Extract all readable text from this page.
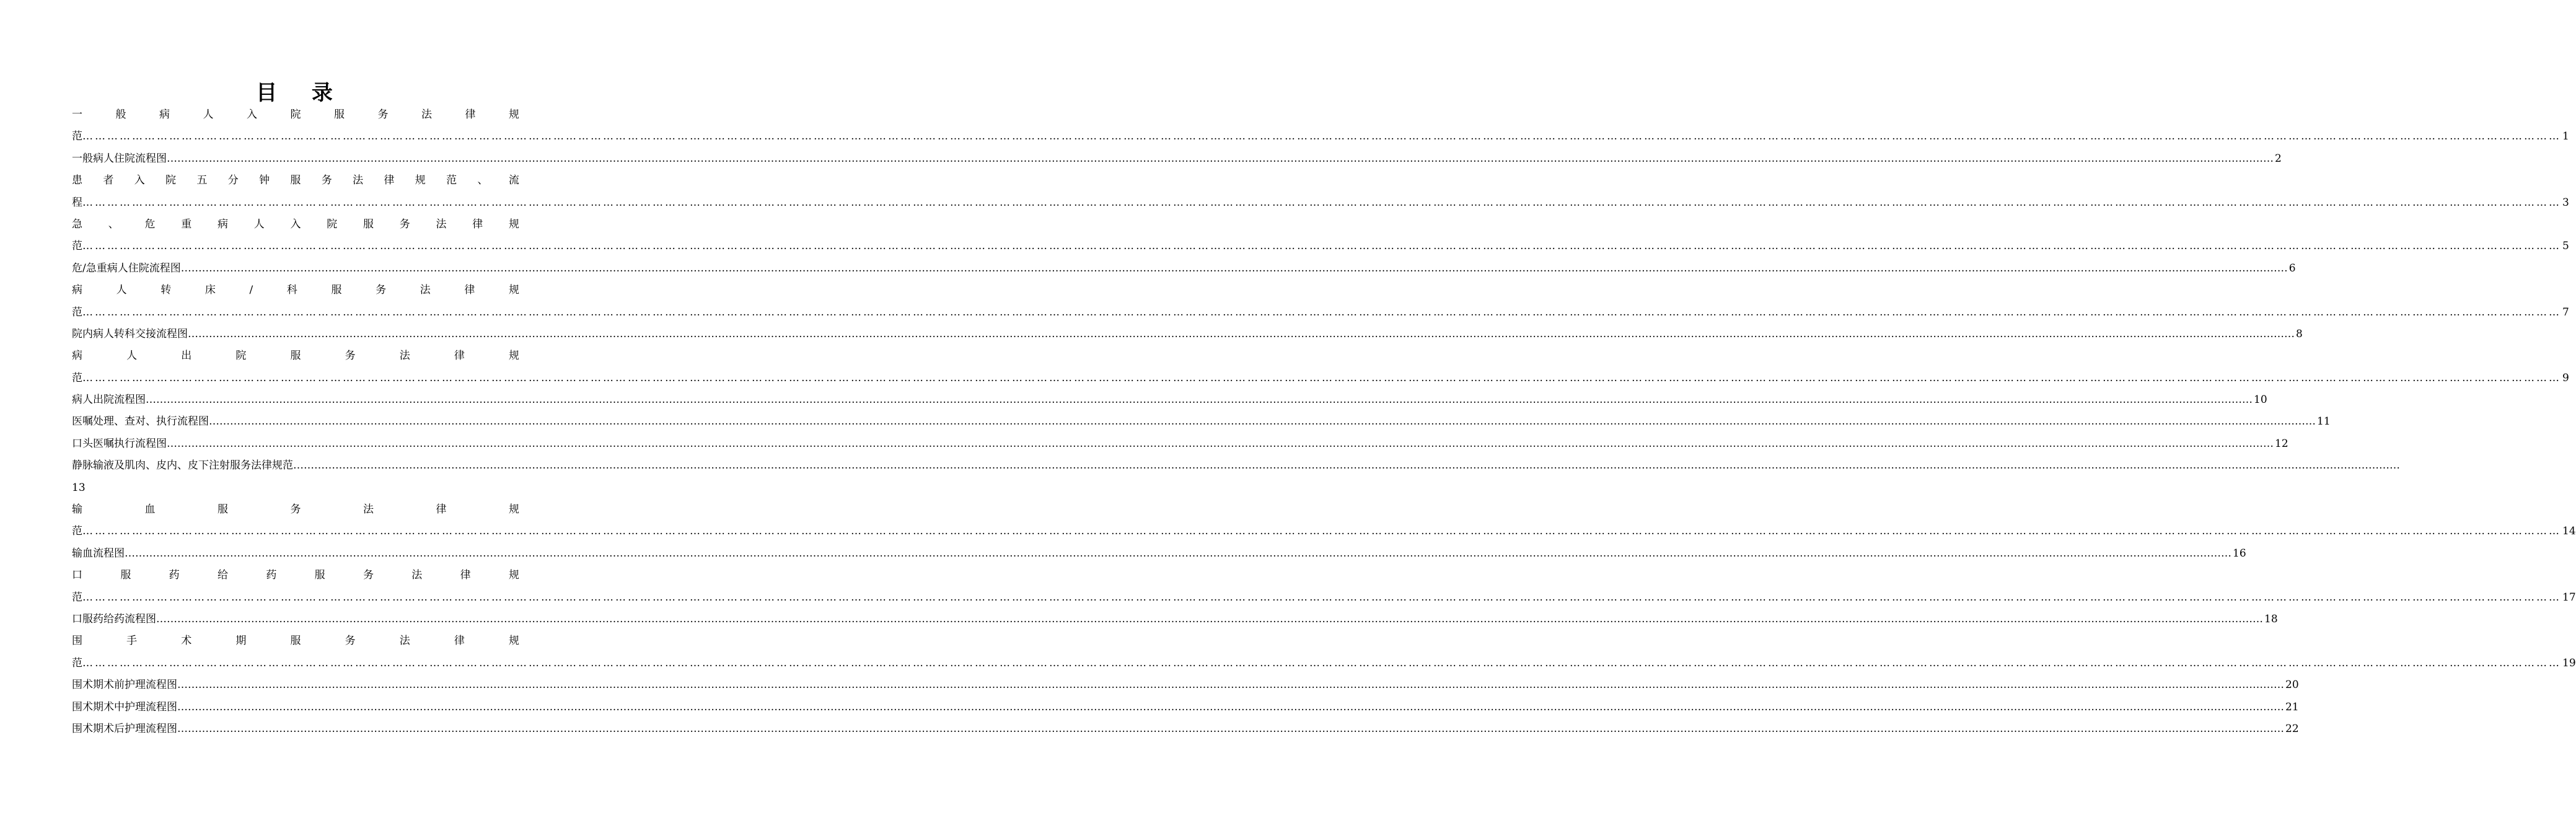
目 录
一	般	病	人	入	院	服	务	法	律	规
范 …………………………………………………………………………………………………………………………………………………………………………………………………………………………………………………………………………………………………………………………………………………………………………………………………………………………………………………………………………………………………………………………………………………… 1
一般病人住院流程图 …………………………………………………………………………………………………………………………………………………………………………………………………………………………………………………………………………………………………………………………………………………………………………………………………………………………………………………………………………………………………………………………………………………… 2
患 者 入 院 五 分 钟 服 务 法 律 规 范 、 流
程 …………………………………………………………………………………………………………………………………………………………………………………………………………………………………………………………………………………………………………………………………………………………………………………………………………………………………………………………………………………………………………………………………………………… 3
急 、 危 重 病 人 入 院 服 务 法 律 规
范 …………………………………………………………………………………………………………………………………………………………………………………………………………………………………………………………………………………………………………………………………………………………………………………………………………………………………………………………………………………………………………………………………………………… 5
危/急重病人住院流程图 …………………………………………………………………………………………………………………………………………………………………………………………………………………………………………………………………………………………………………………………………………………………………………………………………………………………………………………………………………………………………………………………………………………… 6
病	人	转	床	/	科	服	务	法	律	规
范 …………………………………………………………………………………………………………………………………………………………………………………………………………………………………………………………………………………………………………………………………………………………………………………………………………………………………………………………………………………………………………………………………………………… 7
院内病人转科交接流程图 …………………………………………………………………………………………………………………………………………………………………………………………………………………………………………………………………………………………………………………………………………………………………………………………………………………………………………………………………………………………………………………………………………………… 8
病	人	出	院	服	务	法	律	规
范 …………………………………………………………………………………………………………………………………………………………………………………………………………………………………………………………………………………………………………………………………………………………………………………………………………………………………………………………………………………………………………………………………………………… 9
病人出院流程图 …………………………………………………………………………………………………………………………………………………………………………………………………………………………………………………………………………………………………………………………………………………………………………………………………………………………………………………………………………………………………………………………………………………… 10
医嘱处理、查对、执行流程图 …………………………………………………………………………………………………………………………………………………………………………………………………………………………………………………………………………………………………………………………………………………………………………………………………………………………………………………………………………………………………………………………………………………… 11
口头医嘱执行流程图 …………………………………………………………………………………………………………………………………………………………………………………………………………………………………………………………………………………………………………………………………………………………………………………………………………………………………………………………………………………………………………………………………………………… 12
静脉输液及肌肉、皮内、皮下注射服务法律规范 ……………………………………………………………………………………………………………………………………………………………………………………………………………………………………………………………………………………………………………………………………………………………………………………………………………………………………………………………………………………………………………………………………………………
13
输	血	服	务	法	律	规
范 …………………………………………………………………………………………………………………………………………………………………………………………………………………………………………………………………………………………………………………………………………………………………………………………………………………………………………………………………………………………………………………………………………………… 14
输血流程图 …………………………………………………………………………………………………………………………………………………………………………………………………………………………………………………………………………………………………………………………………………………………………………………………………………………………………………………………………………………………………………………………………………………… 16
口	服	药	给	药	服	务	法	律	规
范 …………………………………………………………………………………………………………………………………………………………………………………………………………………………………………………………………………………………………………………………………………………………………………………………………………………………………………………………………………………………………………………………………………………… 17
口服药给药流程图 …………………………………………………………………………………………………………………………………………………………………………………………………………………………………………………………………………………………………………………………………………………………………………………………………………………………………………………………………………………………………………………………………………………… 18
围	手	术	期	服	务	法	律	规
范 …………………………………………………………………………………………………………………………………………………………………………………………………………………………………………………………………………………………………………………………………………………………………………………………………………………………………………………………………………………………………………………………………………………… 19
围术期术前护理流程图 …………………………………………………………………………………………………………………………………………………………………………………………………………………………………………………………………………………………………………………………………………………………………………………………………………………………………………………………………………………………………………………………………………………… 20
围术期术中护理流程图 …………………………………………………………………………………………………………………………………………………………………………………………………………………………………………………………………………………………………………………………………………………………………………………………………………………………………………………………………………………………………………………………………………………… 21
围术期术后护理流程图 …………………………………………………………………………………………………………………………………………………………………………………………………………………………………………………………………………………………………………………………………………………………………………………………………………………………………………………………………………………………………………………………………………………… 22
